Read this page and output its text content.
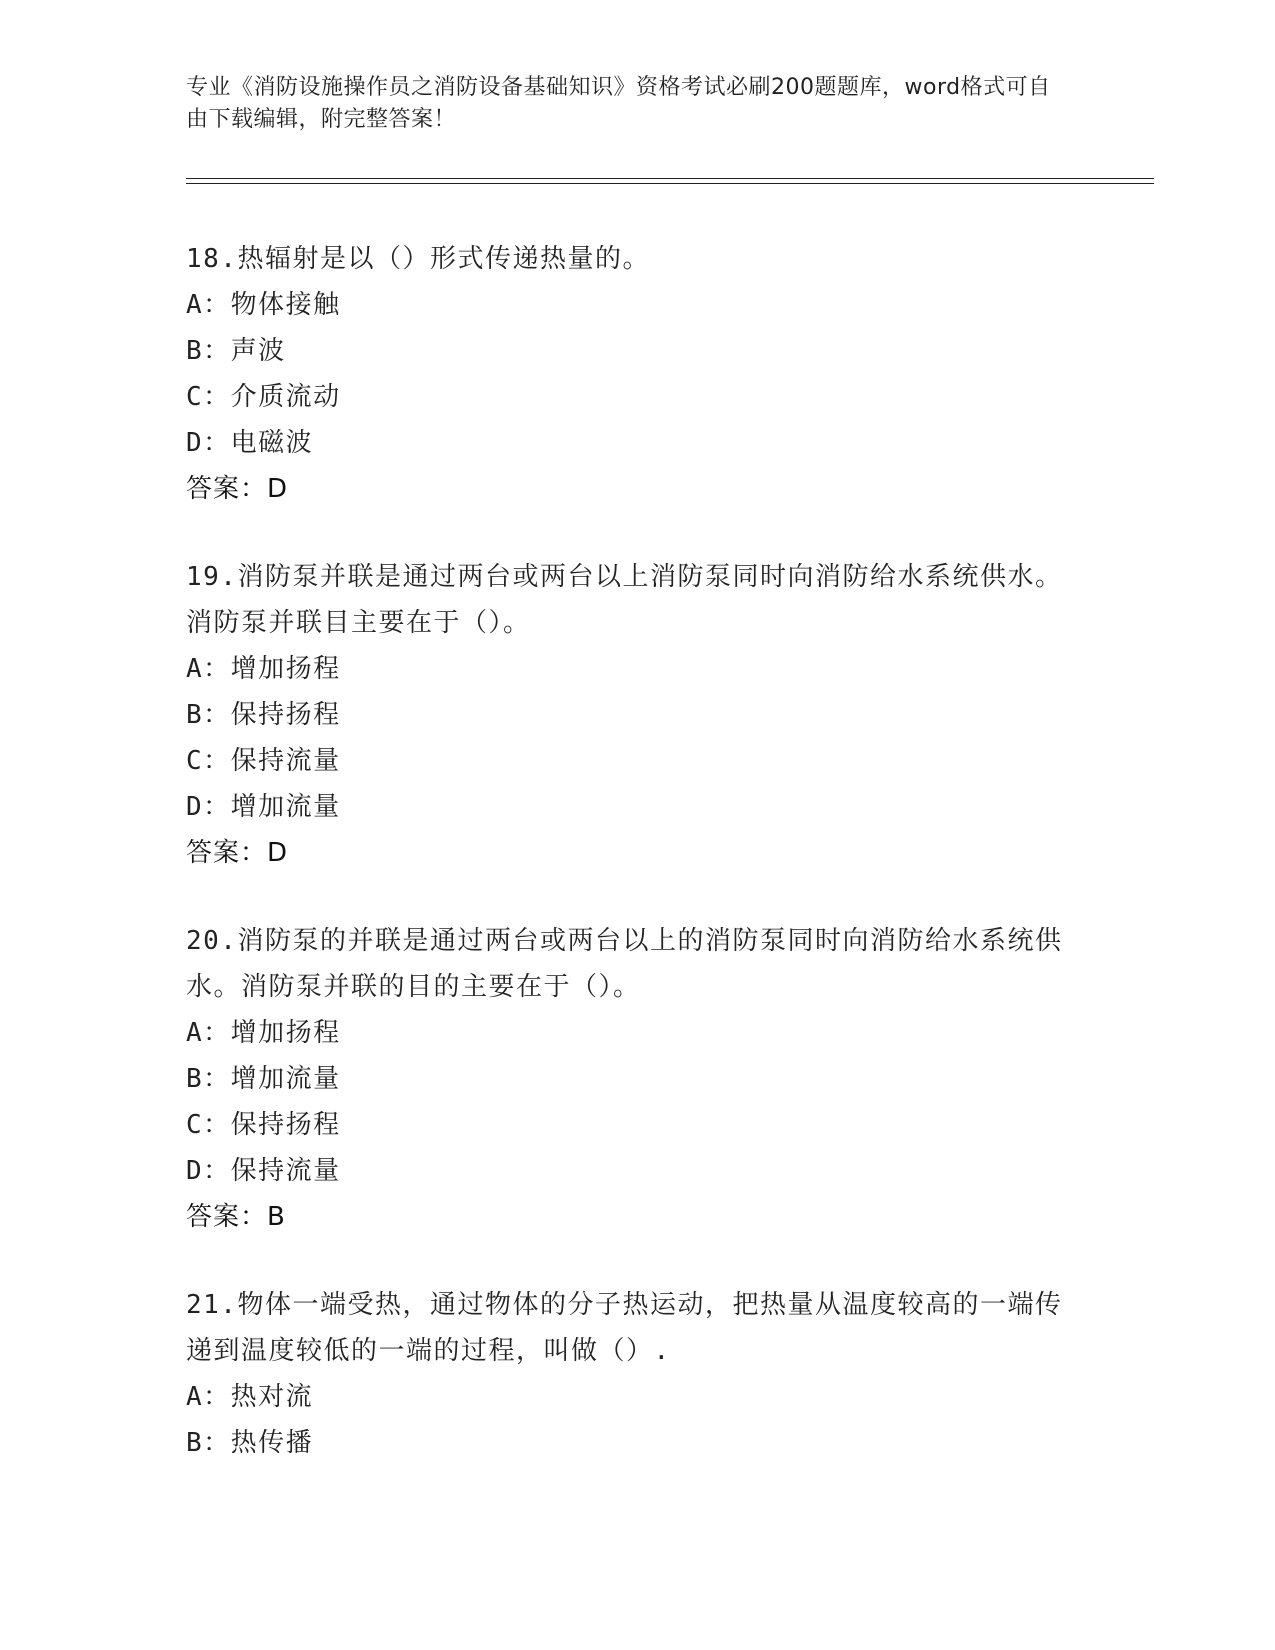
专业《消防设施操作员之消防设备基础知识》资格考试必刷200题题库，word格式可自由下载编辑，附完整答案！

18.热辐射是以（）形式传递热量的。

A：物体接触

B：声波

C：介质流动

D：电磁波

答案：D

19.消防泵并联是通过两台或两台以上消防泵同时向消防给水系统供水。消防泵并联目主要在于（）。

A：增加扬程

B：保持扬程

C：保持流量

D：增加流量

答案：D

20.消防泵的并联是通过两台或两台以上的消防泵同时向消防给水系统供水。消防泵并联的目的主要在于（）。

A：增加扬程

B：增加流量

C：保持扬程

D：保持流量

答案：B

21.物体一端受热，通过物体的分子热运动，把热量从温度较高的一端传递到温度较低的一端的过程，叫做（）.

A：热对流

B：热传播
